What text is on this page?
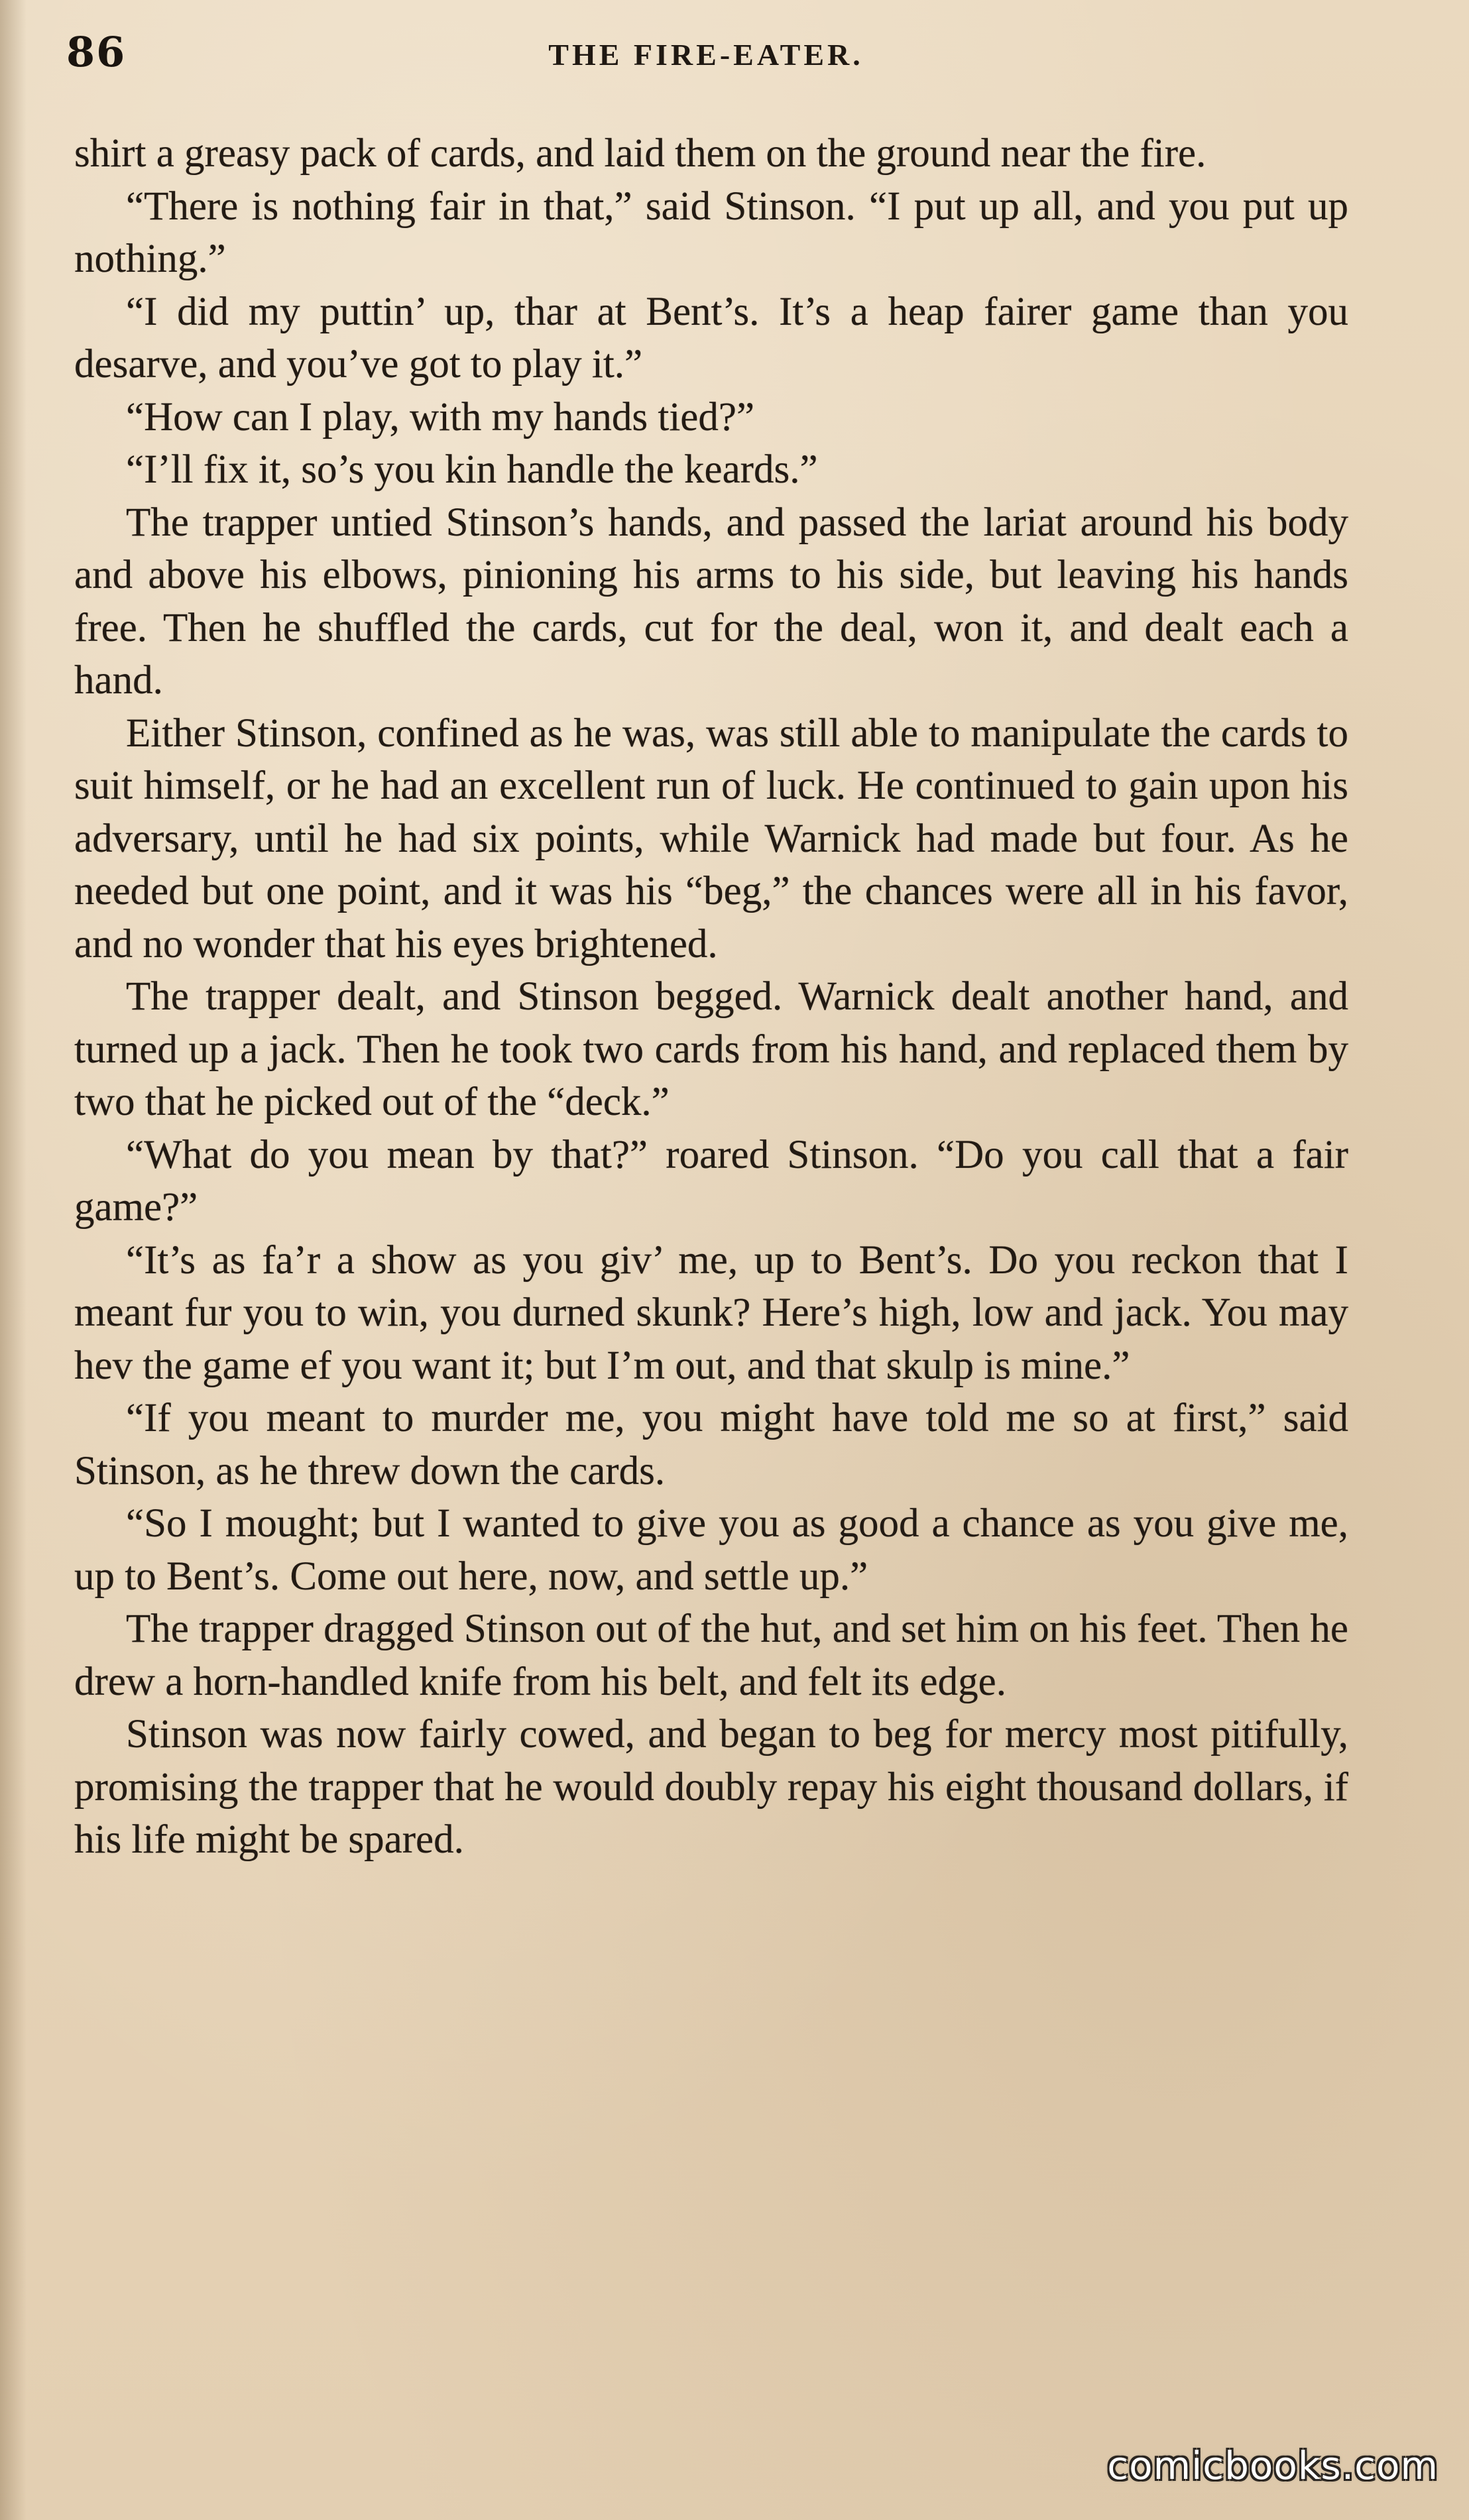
86	THE FIRE-EATER.

shirt a greasy pack of cards, and laid them on the ground near the fire.

“There is nothing fair in that,” said Stinson. “I put up all, and you put up nothing.”

“I did my puttin’ up, thar at Bent’s. It’s a heap fairer game than you desarve, and you’ve got to play it.”

“How can I play, with my hands tied?”

“I’ll fix it, so’s you kin handle the keards.”

The trapper untied Stinson’s hands, and passed the lariat around his body and above his elbows, pinioning his arms to his side, but leaving his hands free. Then he shuffled the cards, cut for the deal, won it, and dealt each a hand.

Either Stinson, confined as he was, was still able to manipulate the cards to suit himself, or he had an excellent run of luck. He continued to gain upon his adversary, until he had six points, while Warnick had made but four. As he needed but one point, and it was his “beg,” the chances were all in his favor, and no wonder that his eyes brightened.

The trapper dealt, and Stinson begged. Warnick dealt another hand, and turned up a jack. Then he took two cards from his hand, and replaced them by two that he picked out of the “deck.”

“What do you mean by that?” roared Stinson. “Do you call that a fair game?”

“It’s as fa’r a show as you giv’ me, up to Bent’s. Do you reckon that I meant fur you to win, you durned skunk? Here’s high, low and jack. You may hev the game ef you want it; but I’m out, and that skulp is mine.”

“If you meant to murder me, you might have told me so at first,” said Stinson, as he threw down the cards.

“So I mought; but I wanted to give you as good a chance as you give me, up to Bent’s. Come out here, now, and settle up.”

The trapper dragged Stinson out of the hut, and set him on his feet. Then he drew a horn-handled knife from his belt, and felt its edge.

Stinson was now fairly cowed, and began to beg for mercy most pitifully, promising the trapper that he would doubly repay his eight thousand dollars, if his life might be spared.

comicbooks.com
